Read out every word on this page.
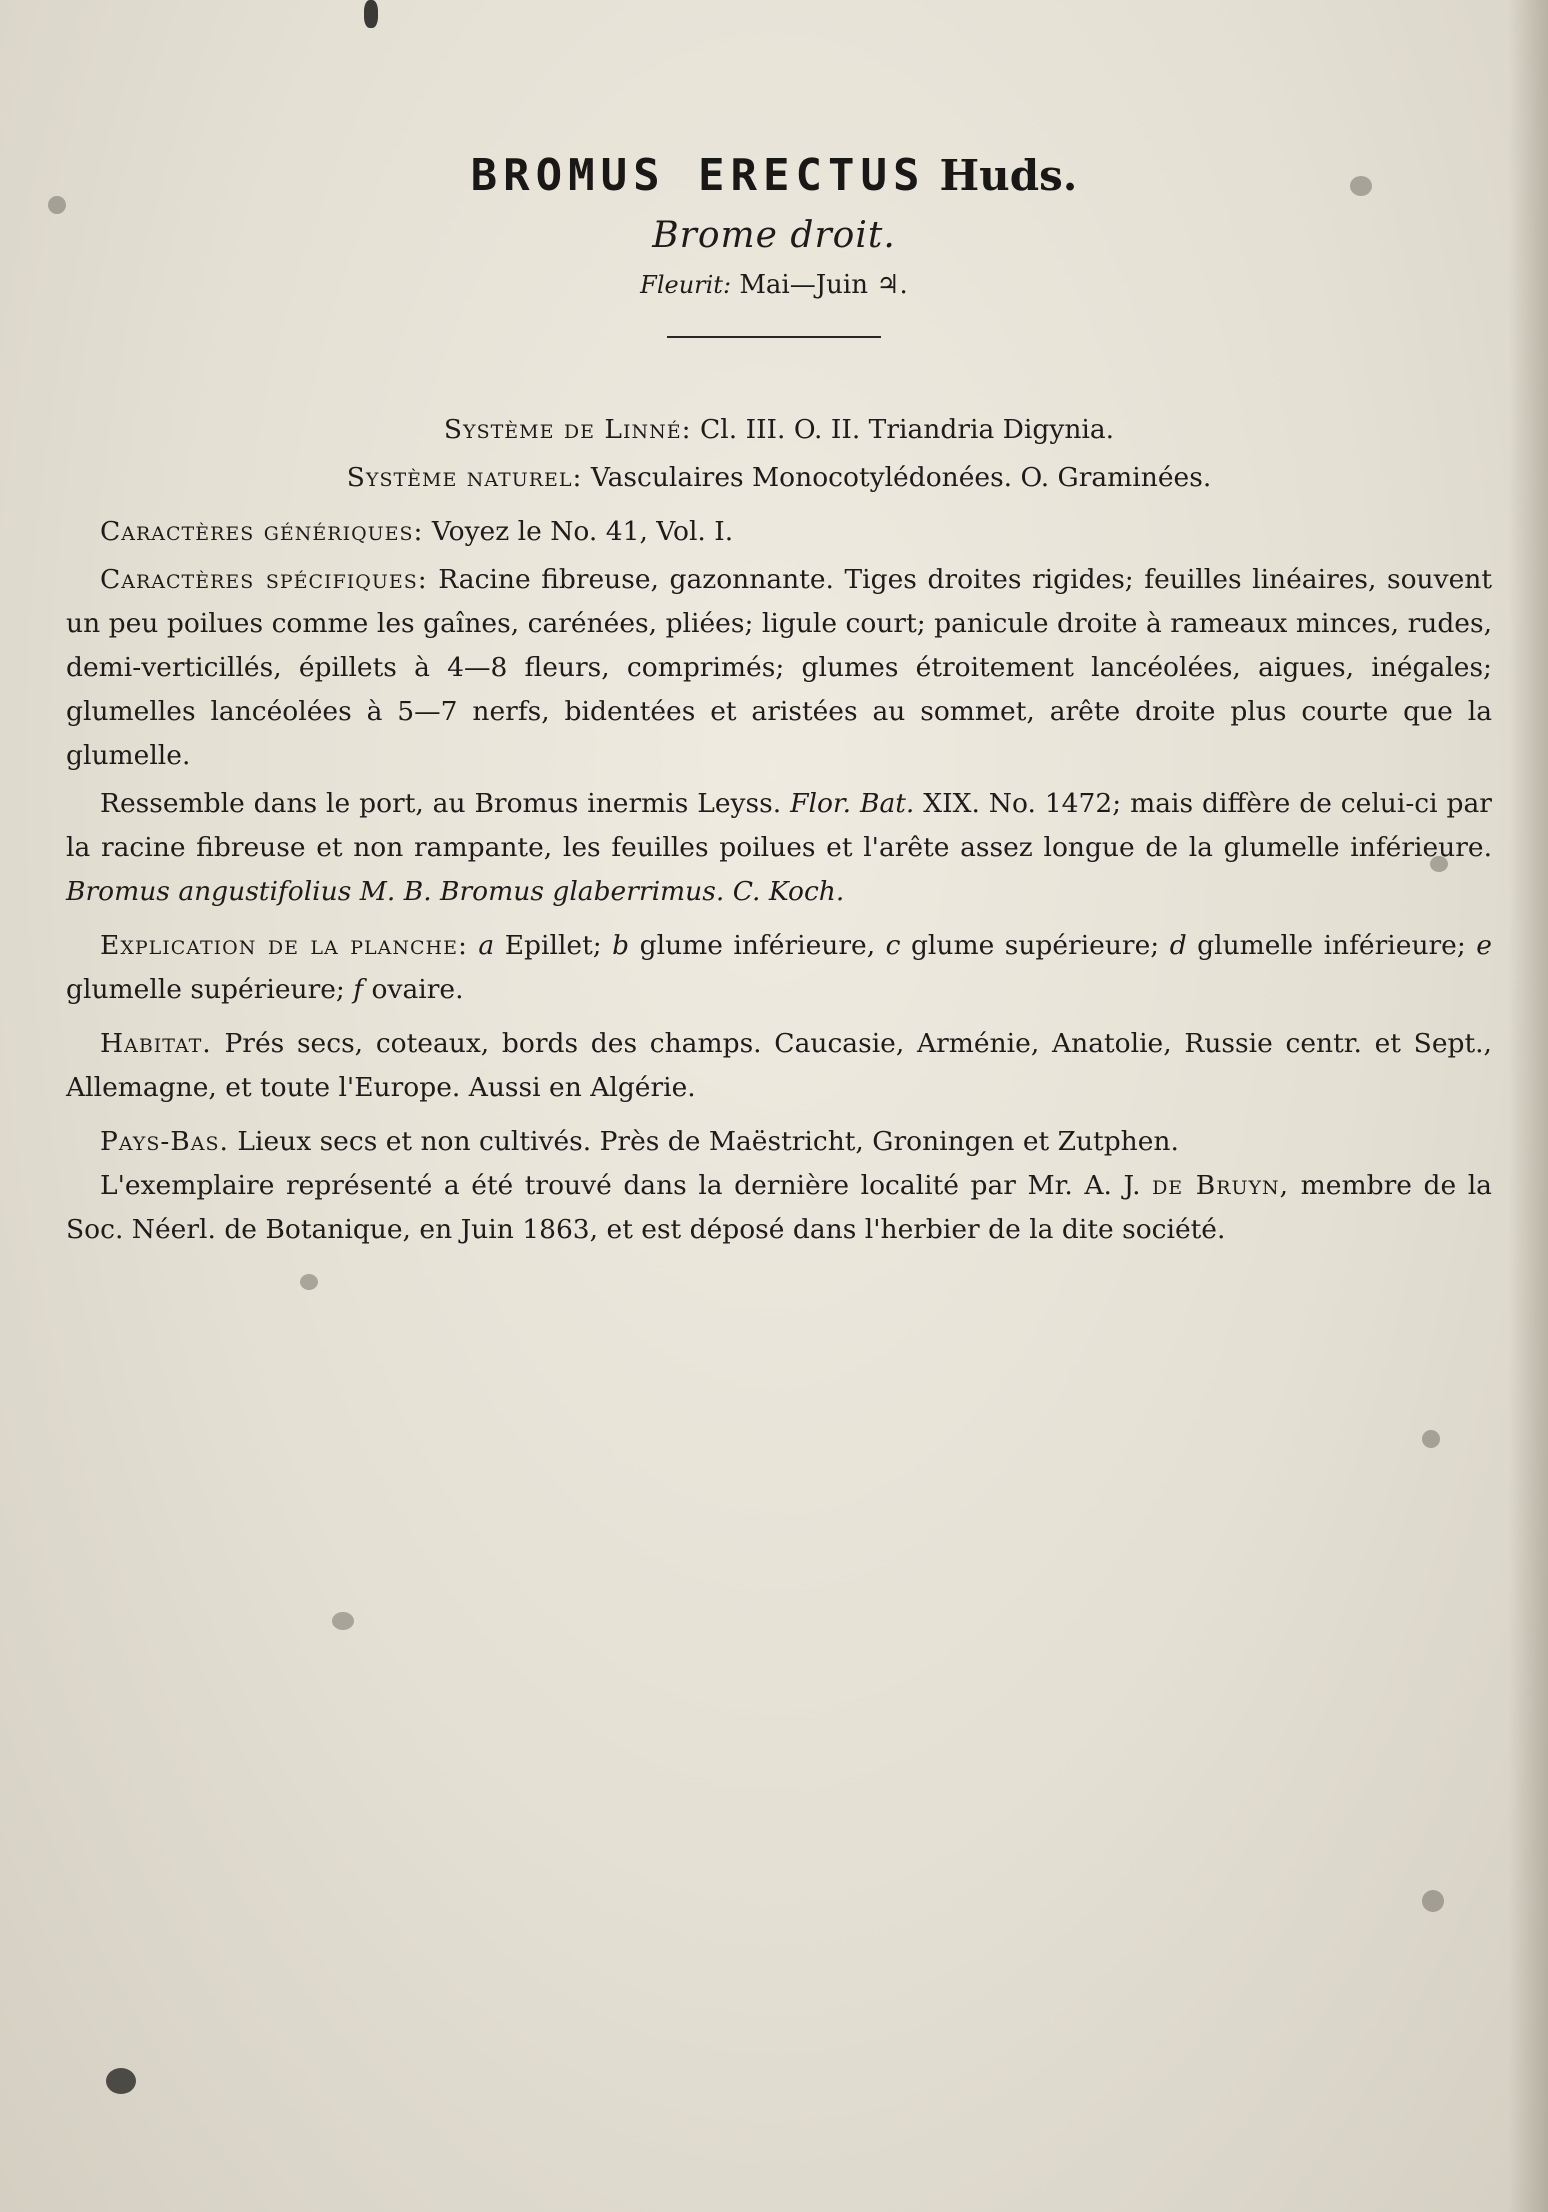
BROMUS ERECTUS Huds.
Brome droit.
Fleurit: Mai—Juin ♃.
Système de Linné: Cl. III. O. II. Triandria Digynia.
Système naturel: Vasculaires Monocotylédonées. O. Graminées.

Caractères génériques: Voyez le No. 41, Vol. I.

Caractères spécifiques: Racine fibreuse, gazonnante. Tiges droites rigides; feuilles linéaires, souvent un peu poilues comme les gaînes, carénées, pliées; ligule court; panicule droite à rameaux minces, rudes, demi-verticillés, épillets à 4—8 fleurs, comprimés; glumes étroitement lancéolées, aigues, inégales; glumelles lancéolées à 5—7 nerfs, bidentées et aristées au sommet, arête droite plus courte que la glumelle.

Ressemble dans le port, au Bromus inermis Leyss. Flor. Bat. XIX. No. 1472; mais diffère de celui-ci par la racine fibreuse et non rampante, les feuilles poilues et l'arête assez longue de la glumelle inférieure. Bromus angustifolius M. B. Bromus glaberrimus. C. Koch.

Explication de la planche: a Epillet; b glume inférieure, c glume supérieure; d glumelle inférieure; e glumelle supérieure; f ovaire.

Habitat. Prés secs, coteaux, bords des champs. Caucasie, Arménie, Anatolie, Russie centr. et Sept., Allemagne, et toute l'Europe. Aussi en Algérie.

Pays-Bas. Lieux secs et non cultivés. Près de Maëstricht, Groningen et Zutphen.

L'exemplaire représenté a été trouvé dans la dernière localité par Mr. A. J. de Bruyn, membre de la Soc. Néerl. de Botanique, en Juin 1863, et est déposé dans l'herbier de la dite société.
